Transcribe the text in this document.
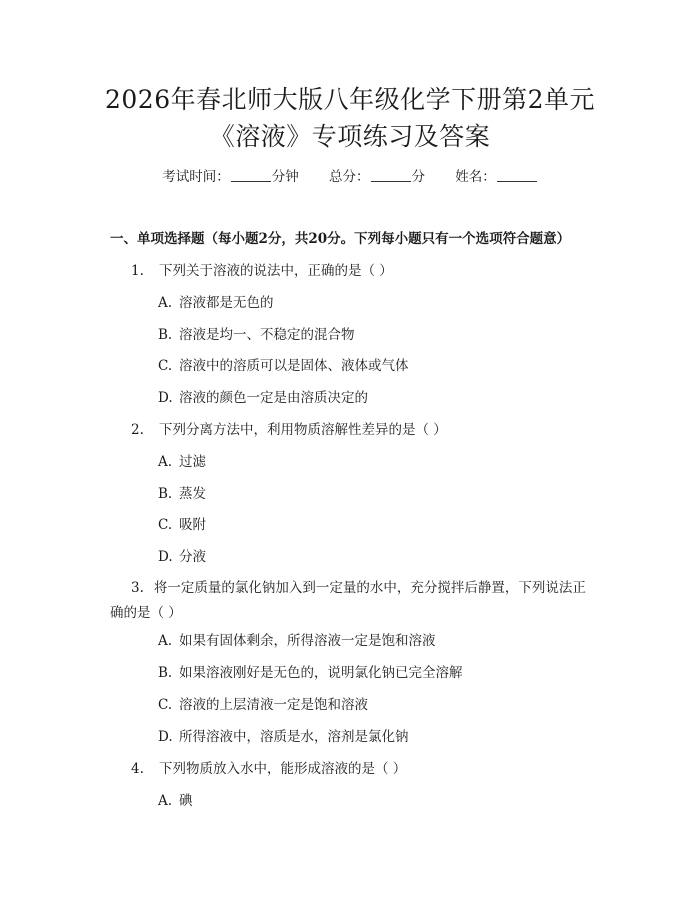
2026年春北师大版八年级化学下册第2单元
《溶液》专项练习及答案
考试时间：	分钟 总分：	分 姓名：
一、单项选择题（每小题2分，共20分。下列每小题只有一个选项符合题意）
1. 下列关于溶液的说法中，正确的是（ ）
A. 溶液都是无色的
B. 溶液是均一、不稳定的混合物
C. 溶液中的溶质可以是固体、液体或气体
D. 溶液的颜色一定是由溶质决定的
2. 下列分离方法中，利用物质溶解性差异的是（ ）
A. 过滤
B. 蒸发
C. 吸附
D. 分液
3. 将一定质量的氯化钠加入到一定量的水中，充分搅拌后静置，下列说法正确的是（ ）
A. 如果有固体剩余，所得溶液一定是饱和溶液
B. 如果溶液刚好是无色的，说明氯化钠已完全溶解
C. 溶液的上层清液一定是饱和溶液
D. 所得溶液中，溶质是水，溶剂是氯化钠
4. 下列物质放入水中，能形成溶液的是（ ）
A. 碘
